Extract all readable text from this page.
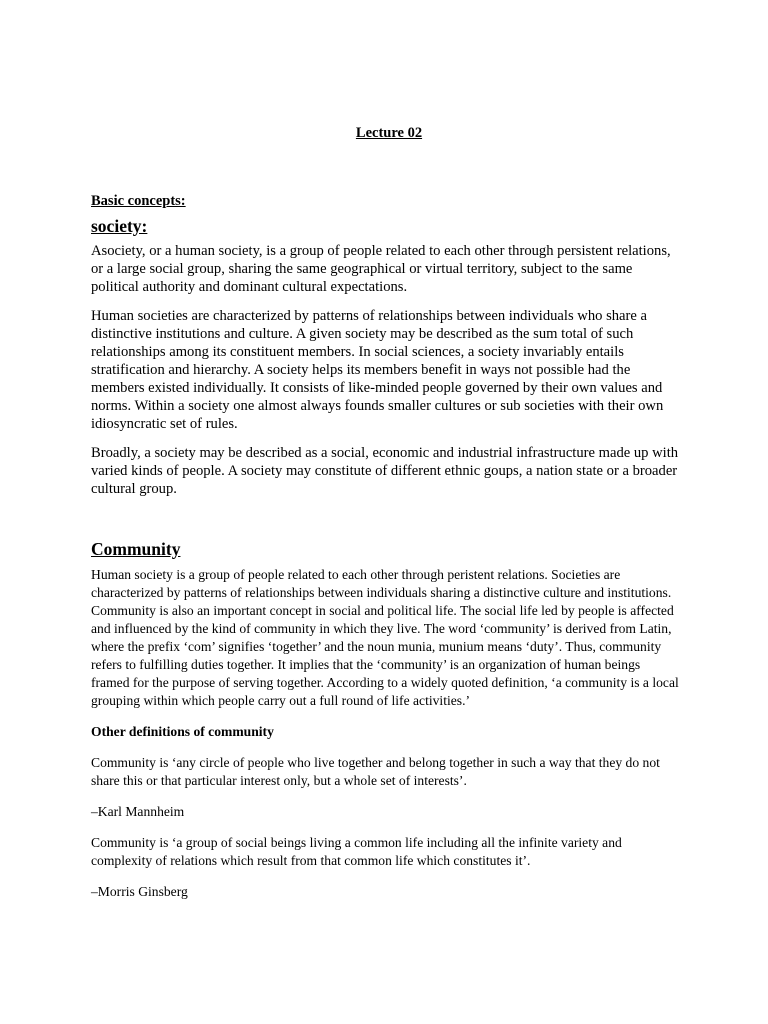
Lecture 02
Basic concepts:
society:

Asociety, or a human society, is a group of people related to each other through persistent relations, or a large social group, sharing the same geographical or virtual territory, subject to the same political authority and dominant cultural expectations.

Human societies are characterized by patterns of relationships between individuals who share a distinctive institutions and culture. A given society may be described as the sum total of such relationships among its constituent members. In social sciences, a society invariably entails stratification and hierarchy. A society helps its members benefit in ways not possible had the members existed individually. It consists of like-minded people governed by their own values and norms. Within a society one almost always founds smaller cultures or sub societies with their own idiosyncratic set of rules.

Broadly, a society may be described as a social, economic and industrial infrastructure made up with varied kinds of people. A society may constitute of different ethnic goups, a nation state or a broader cultural group.

Community

Human society is a group of people related to each other through peristent relations. Societies are characterized by patterns of relationships between individuals sharing a distinctive culture and institutions. Community is also an important concept in social and political life. The social life led by people is affected and influenced by the kind of community in which they live. The word ‘community’ is derived from Latin, where the prefix ‘com’ signifies ‘together’ and the noun munia, munium means ‘duty’. Thus, community refers to fulfilling duties together. It implies that the ‘community’ is an organization of human beings framed for the purpose of serving together. According to a widely quoted definition, ‘a community is a local grouping within which people carry out a full round of life activities.’

Other definitions of community

Community is ‘any circle of people who live together and belong together in such a way that they do not share this or that particular interest only, but a whole set of interests’.

–Karl Mannheim

Community is ‘a group of social beings living a common life including all the infinite variety and complexity of relations which result from that common life which constitutes it’.

–Morris Ginsberg
